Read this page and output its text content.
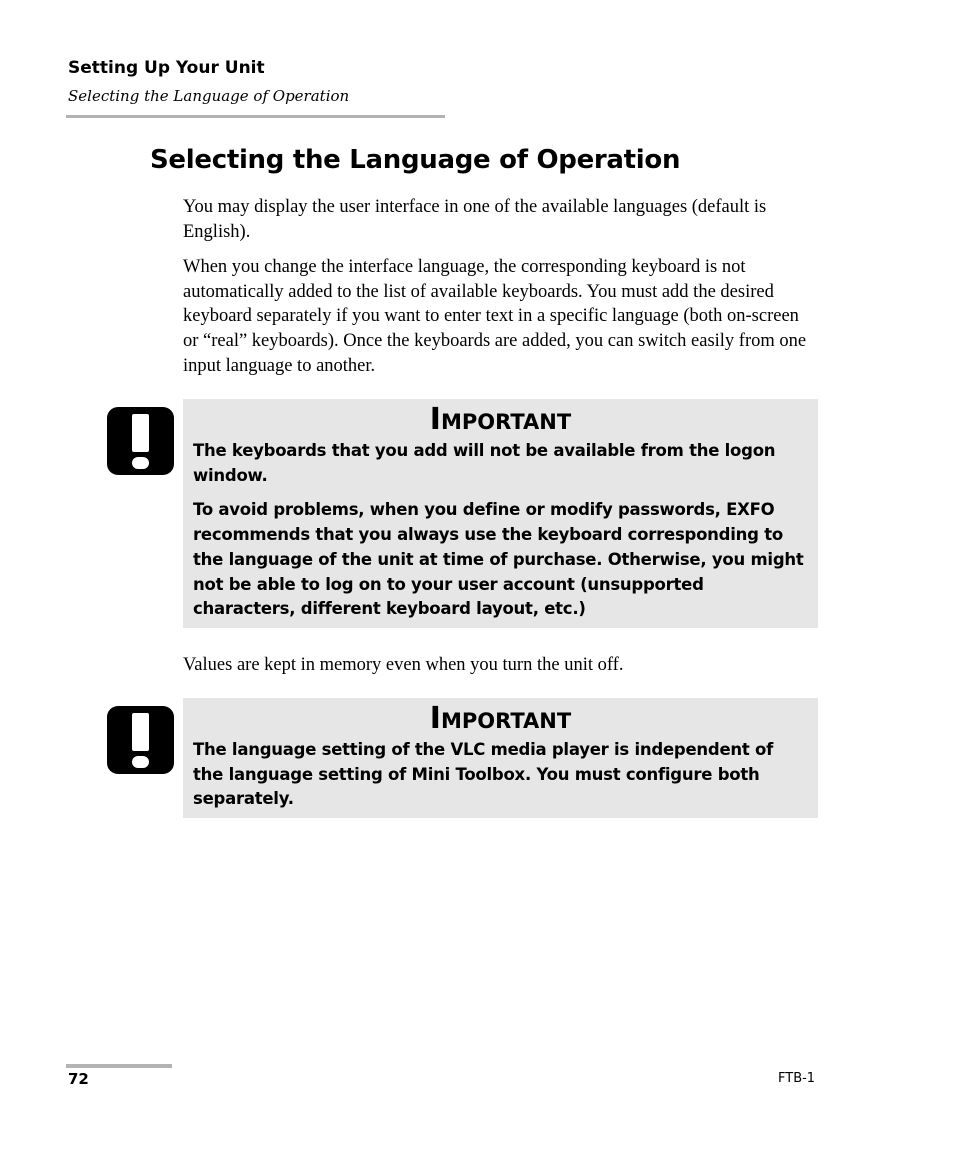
Setting Up Your Unit
Selecting the Language of Operation
Selecting the Language of Operation

You may display the user interface in one of the available languages (default is English).

When you change the interface language, the corresponding keyboard is not automatically added to the list of available keyboards. You must add the desired keyboard separately if you want to enter text in a specific language (both on-screen or “real” keyboards). Once the keyboards are added, you can switch easily from one input language to another.

Important

The keyboards that you add will not be available from the logon window.

To avoid problems, when you define or modify passwords, EXFO recommends that you always use the keyboard corresponding to the language of the unit at time of purchase. Otherwise, you might not be able to log on to your user account (unsupported characters, different keyboard layout, etc.)

Values are kept in memory even when you turn the unit off.

Important

The language setting of the VLC media player is independent of the language setting of Mini Toolbox. You must configure both separately.

72	FTB-1
